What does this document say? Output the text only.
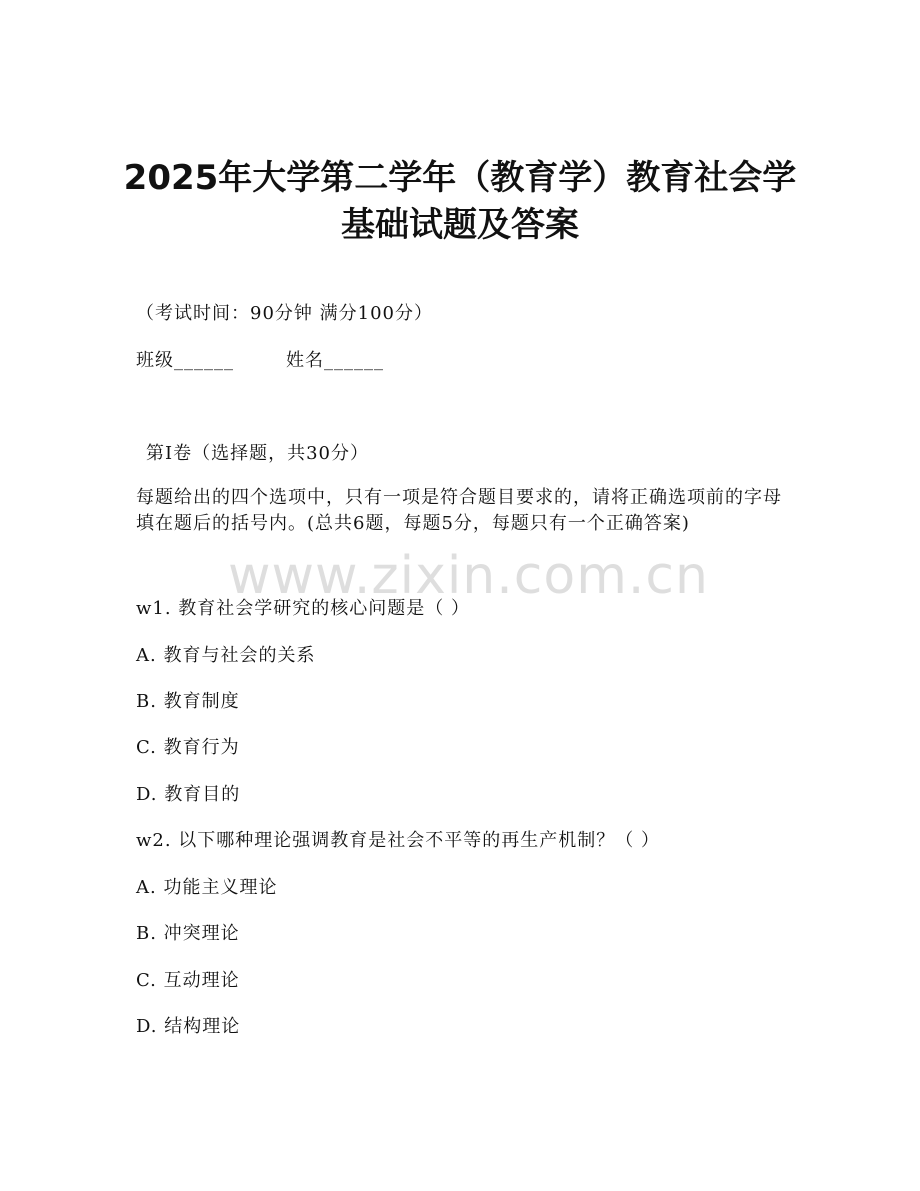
2025年大学第二学年（教育学）教育社会学
基础试题及答案
（考试时间：90分钟 满分100分）
班级______	姓名______
第Ⅰ卷（选择题，共30分）
每题给出的四个选项中，只有一项是符合题目要求的，请将正确选项前的字母填在题后的括号内。(总共6题，每题5分，每题只有一个正确答案)
www.zixin.com.cn
w1. 教育社会学研究的核心问题是（ ）
A. 教育与社会的关系
B. 教育制度
C. 教育行为
D. 教育目的
w2. 以下哪种理论强调教育是社会不平等的再生产机制？（ ）
A. 功能主义理论
B. 冲突理论
C. 互动理论
D. 结构理论
